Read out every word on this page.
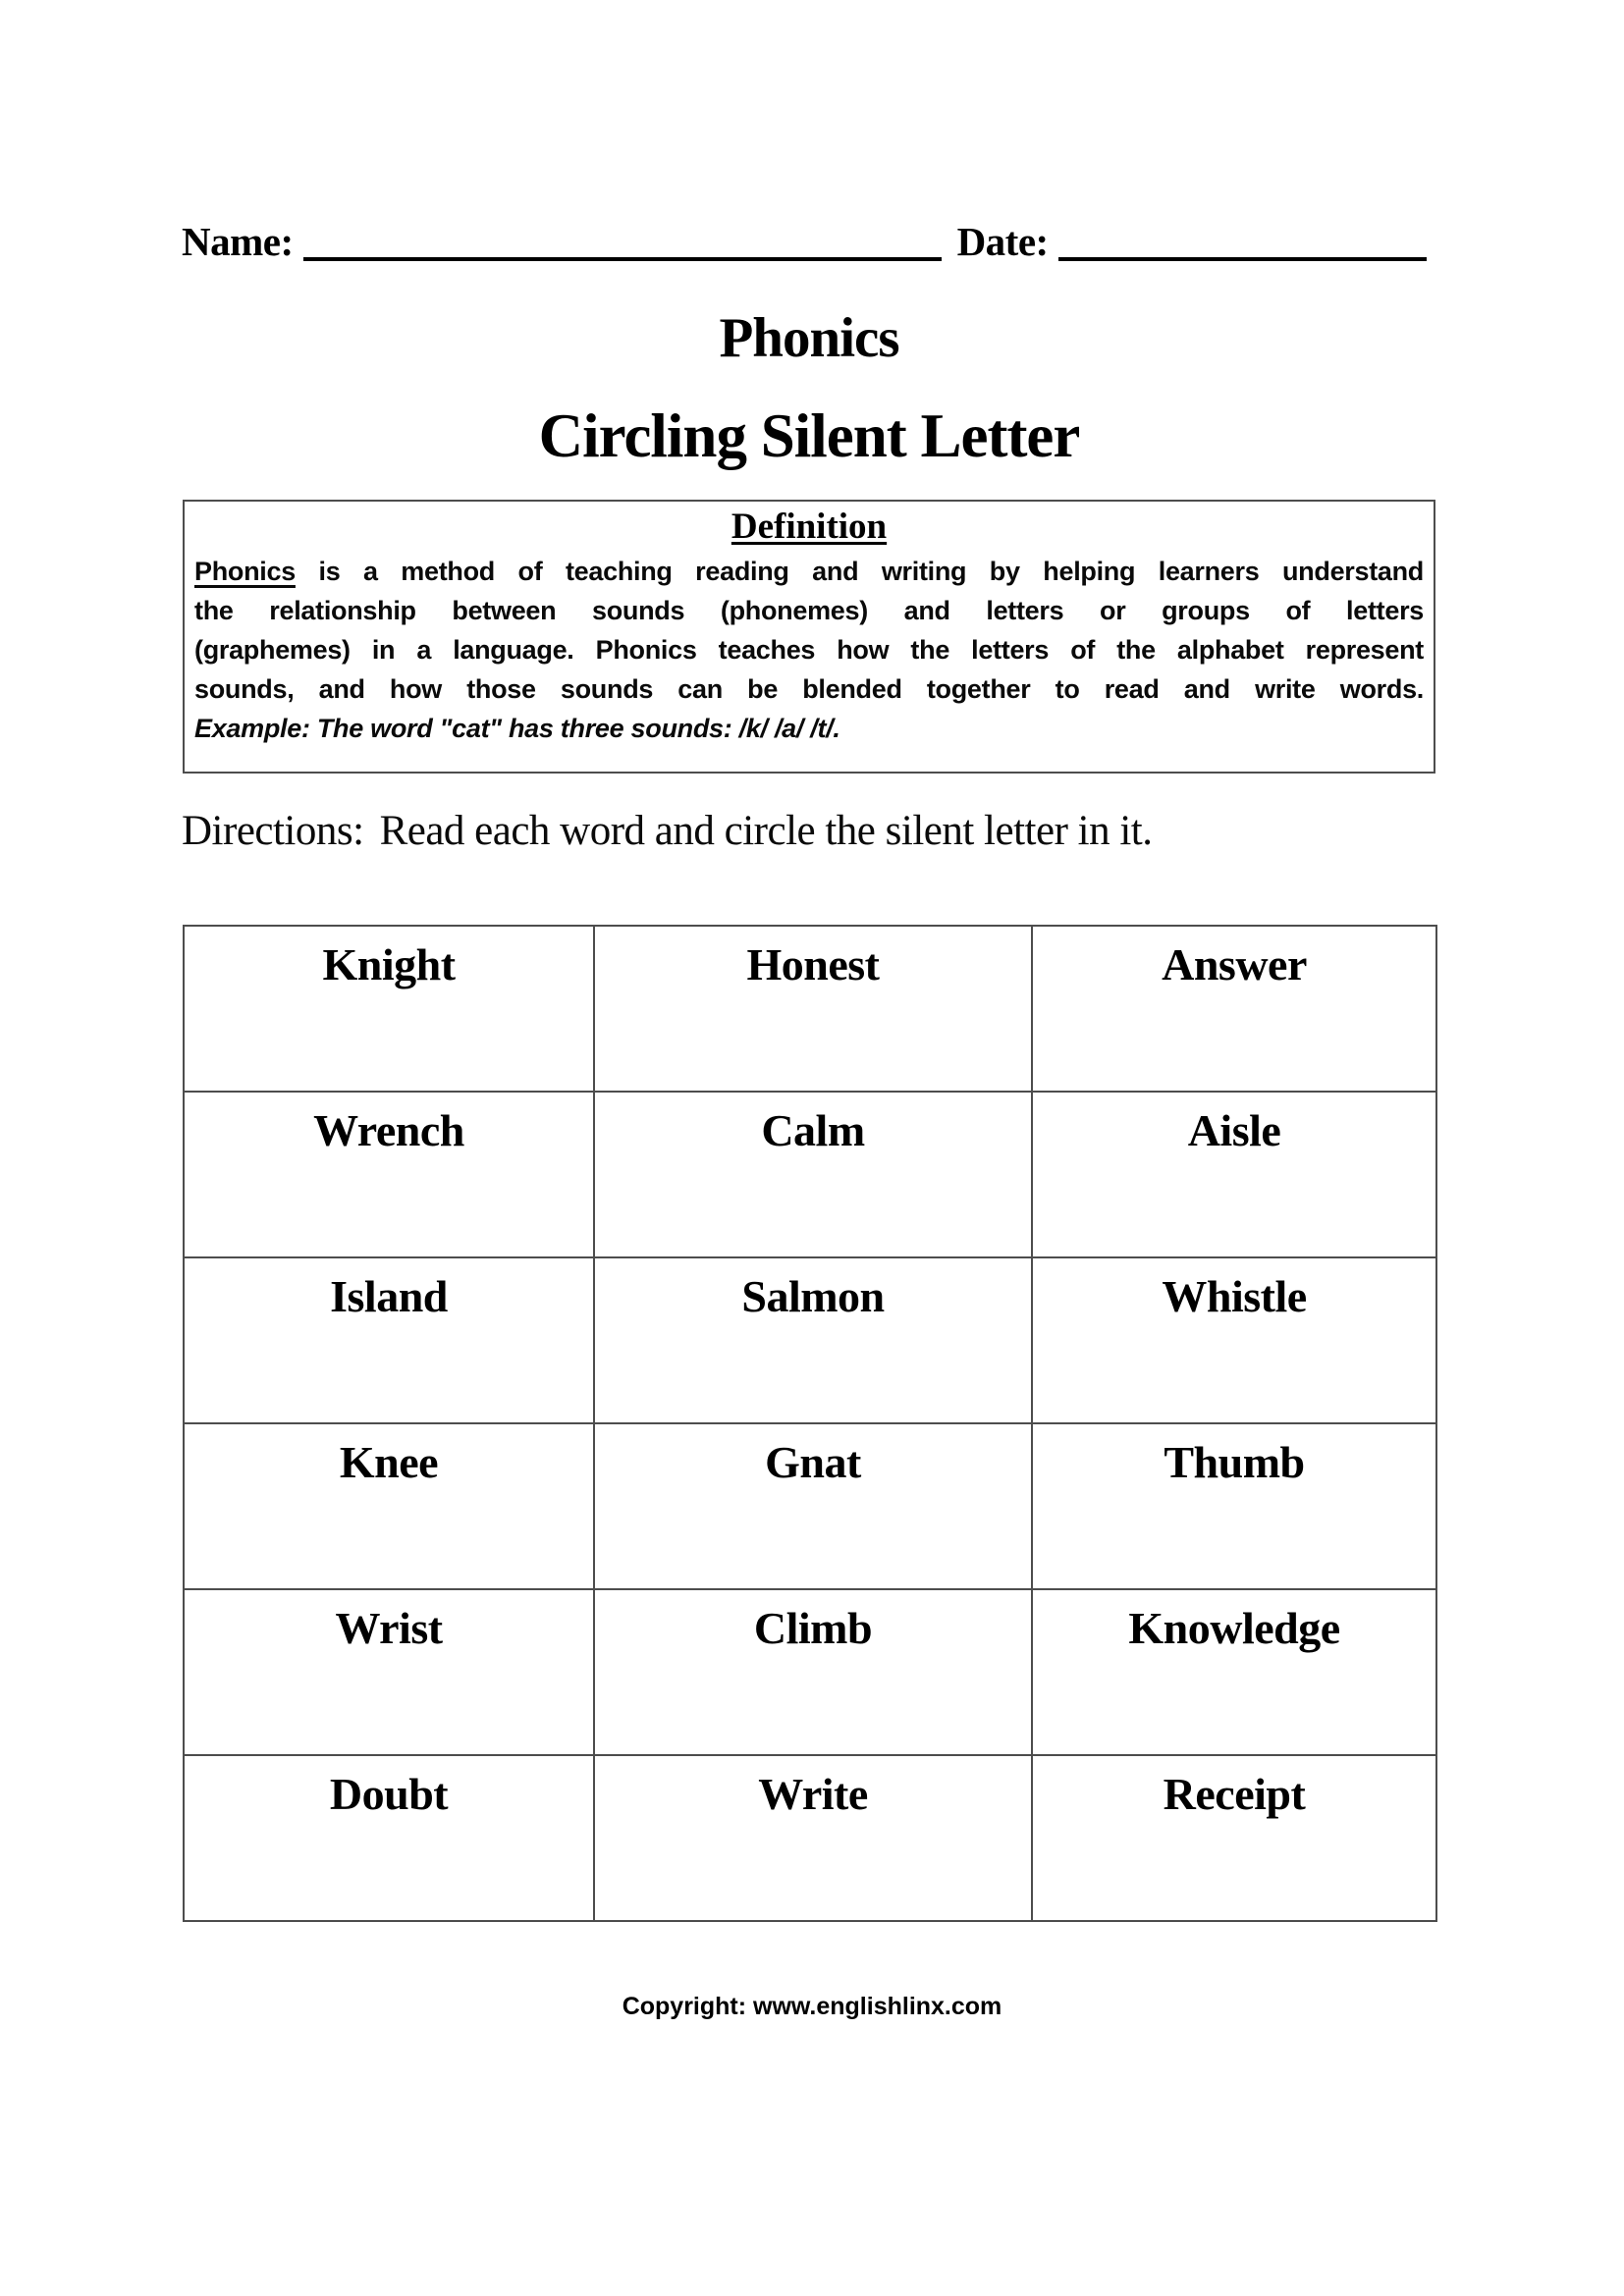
Name:	Date:
Phonics
Circling Silent Letter
Definition
Phonics is a method of teaching reading and writing by helping learners understand
the relationship between sounds (phonemes) and letters or groups of letters
(graphemes) in a language. Phonics teaches how the letters of the alphabet represent
sounds, and how those sounds can be blended together to read and write words.
Example: The word "cat" has three sounds: /k/ /a/ /t/.
Directions: Read each word and circle the silent letter in it.
Knight	Honest	Answer
Wrench	Calm	Aisle
Island	Salmon	Whistle
Knee	Gnat	Thumb
Wrist	Climb	Knowledge
Doubt	Write	Receipt
Copyright: www.englishlinx.com
